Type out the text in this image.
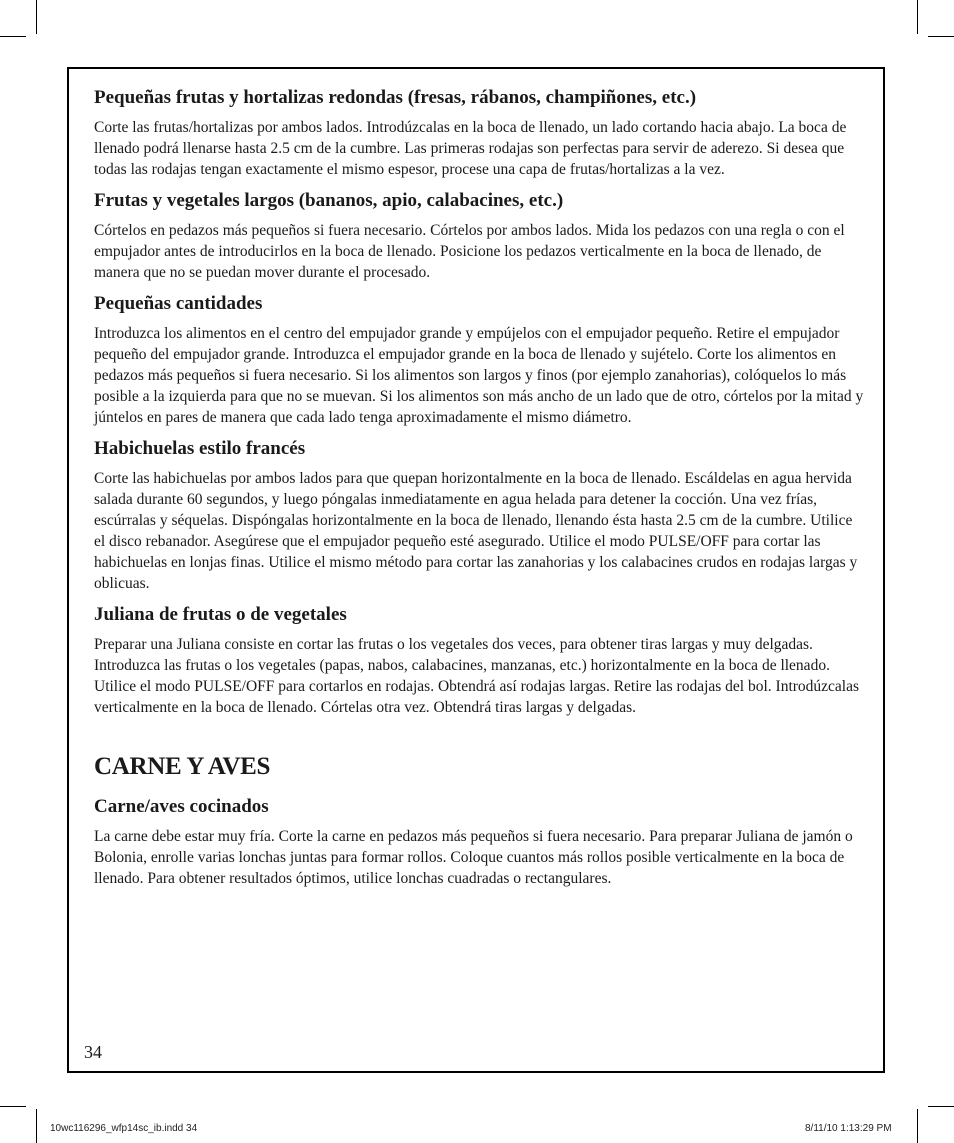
Pequeñas frutas y hortalizas redondas (fresas, rábanos, champiñones, etc.)

Corte las frutas/hortalizas por ambos lados. Introdúzcalas en la boca de llenado, un lado cortando hacia abajo. La boca de llenado podrá llenarse hasta 2.5 cm de la cumbre. Las primeras rodajas son perfectas para servir de aderezo. Si desea que todas las rodajas tengan exactamente el mismo espesor, procese una capa de frutas/hortalizas a la vez.

Frutas y vegetales largos (bananos, apio, calabacines, etc.)

Córtelos en pedazos más pequeños si fuera necesario. Córtelos por ambos lados. Mida los pedazos con una regla o con el empujador antes de introducirlos en la boca de llenado. Posicione los pedazos verticalmente en la boca de llenado, de manera que no se puedan mover durante el procesado.

Pequeñas cantidades

Introduzca los alimentos en el centro del empujador grande y empújelos con el empujador pequeño. Retire el empujador pequeño del empujador grande. Introduzca el empujador grande en la boca de llenado y sujételo. Corte los alimentos en pedazos más pequeños si fuera necesario. Si los alimentos son largos y finos (por ejemplo zanahorias), colóquelos lo más posible a la izquierda para que no se muevan. Si los alimentos son más ancho de un lado que de otro, córtelos por la mitad y júntelos en pares de manera que cada lado tenga aproximadamente el mismo diámetro.

Habichuelas estilo francés

Corte las habichuelas por ambos lados para que quepan horizontalmente en la boca de llenado. Escáldelas en agua hervida salada durante 60 segundos, y luego póngalas inmediatamente en agua helada para detener la cocción. Una vez frías, escúrralas y séquelas. Dispóngalas horizontalmente en la boca de llenado, llenando ésta hasta 2.5 cm de la cumbre. Utilice el disco rebanador. Asegúrese que el empujador pequeño esté asegurado. Utilice el modo PULSE/OFF para cortar las habichuelas en lonjas finas. Utilice el mismo método para cortar las zanahorias y los calabacines crudos en rodajas largas y oblicuas.

Juliana de frutas o de vegetales

Preparar una Juliana consiste en cortar las frutas o los vegetales dos veces, para obtener tiras largas y muy delgadas. Introduzca las frutas o los vegetales (papas, nabos, calabacines, manzanas, etc.) horizontalmente en la boca de llenado. Utilice el modo PULSE/OFF para cortarlos en rodajas. Obtendrá así rodajas largas. Retire las rodajas del bol. Introdúzcalas verticalmente en la boca de llenado. Córtelas otra vez. Obtendrá tiras largas y delgadas.

CARNE Y AVES
Carne/aves cocinados

La carne debe estar muy fría. Corte la carne en pedazos más pequeños si fuera necesario. Para preparar Juliana de jamón o Bolonia, enrolle varias lonchas juntas para formar rollos. Coloque cuantos más rollos posible verticalmente en la boca de llenado. Para obtener resultados óptimos, utilice lonchas cuadradas o rectangulares.

34
10wc116296_wfp14sc_ib.indd 34	8/11/10 1:13:29 PM
